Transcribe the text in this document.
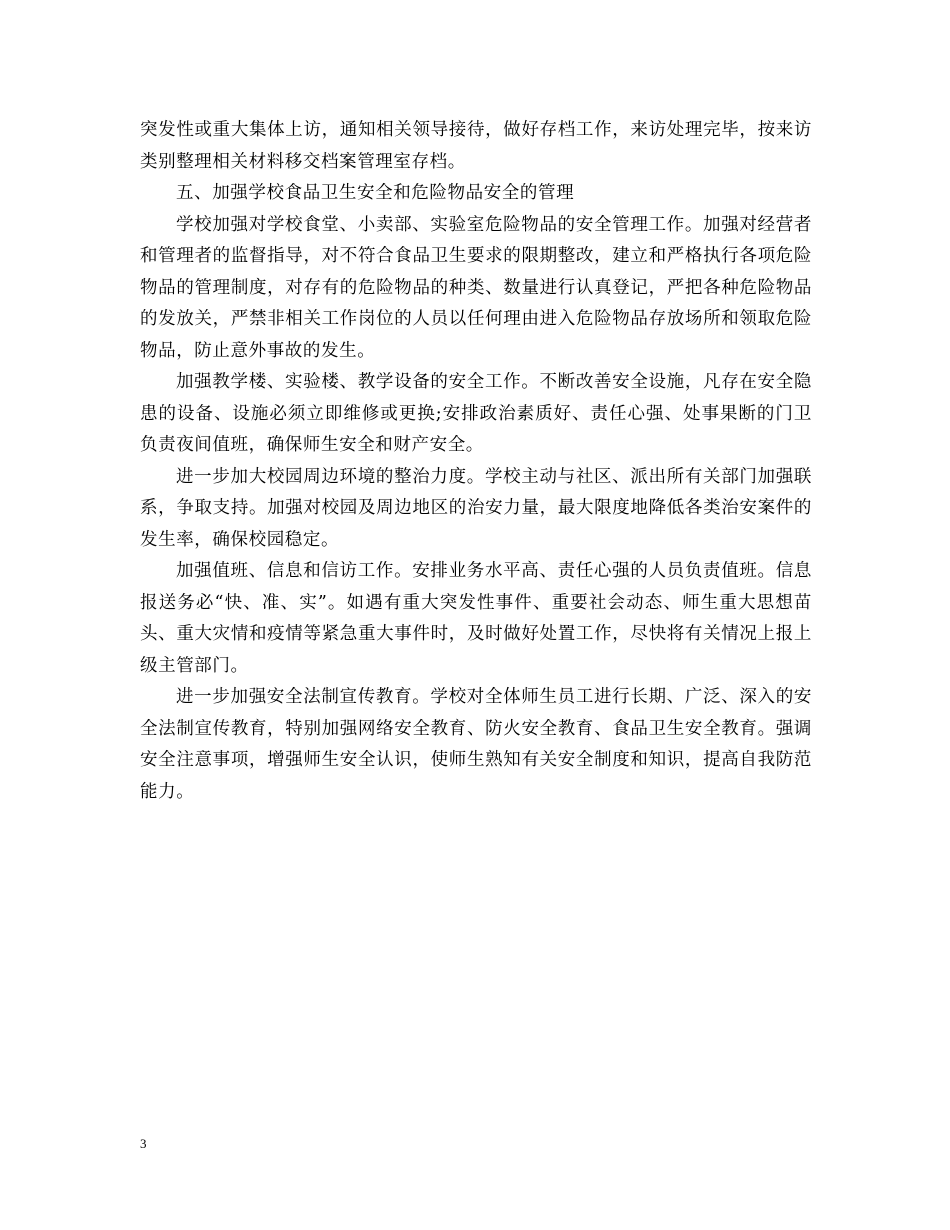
突发性或重大集体上访，通知相关领导接待，做好存档工作，来访处理完毕，按来访类别整理相关材料移交档案管理室存档。

五、加强学校食品卫生安全和危险物品安全的管理

学校加强对学校食堂、小卖部、实验室危险物品的安全管理工作。加强对经营者和管理者的监督指导，对不符合食品卫生要求的限期整改，建立和严格执行各项危险物品的管理制度，对存有的危险物品的种类、数量进行认真登记，严把各种危险物品的发放关，严禁非相关工作岗位的人员以任何理由进入危险物品存放场所和领取危险物品，防止意外事故的发生。

加强教学楼、实验楼、教学设备的安全工作。不断改善安全设施，凡存在安全隐患的设备、设施必须立即维修或更换;安排政治素质好、责任心强、处事果断的门卫负责夜间值班，确保师生安全和财产安全。

进一步加大校园周边环境的整治力度。学校主动与社区、派出所有关部门加强联系，争取支持。加强对校园及周边地区的治安力量，最大限度地降低各类治安案件的发生率，确保校园稳定。

加强值班、信息和信访工作。安排业务水平高、责任心强的人员负责值班。信息报送务必“快、准、实”。如遇有重大突发性事件、重要社会动态、师生重大思想苗头、重大灾情和疫情等紧急重大事件时，及时做好处置工作，尽快将有关情况上报上级主管部门。

进一步加强安全法制宣传教育。学校对全体师生员工进行长期、广泛、深入的安全法制宣传教育，特别加强网络安全教育、防火安全教育、食品卫生安全教育。强调安全注意事项，增强师生安全认识，使师生熟知有关安全制度和知识，提高自我防范能力。

3
